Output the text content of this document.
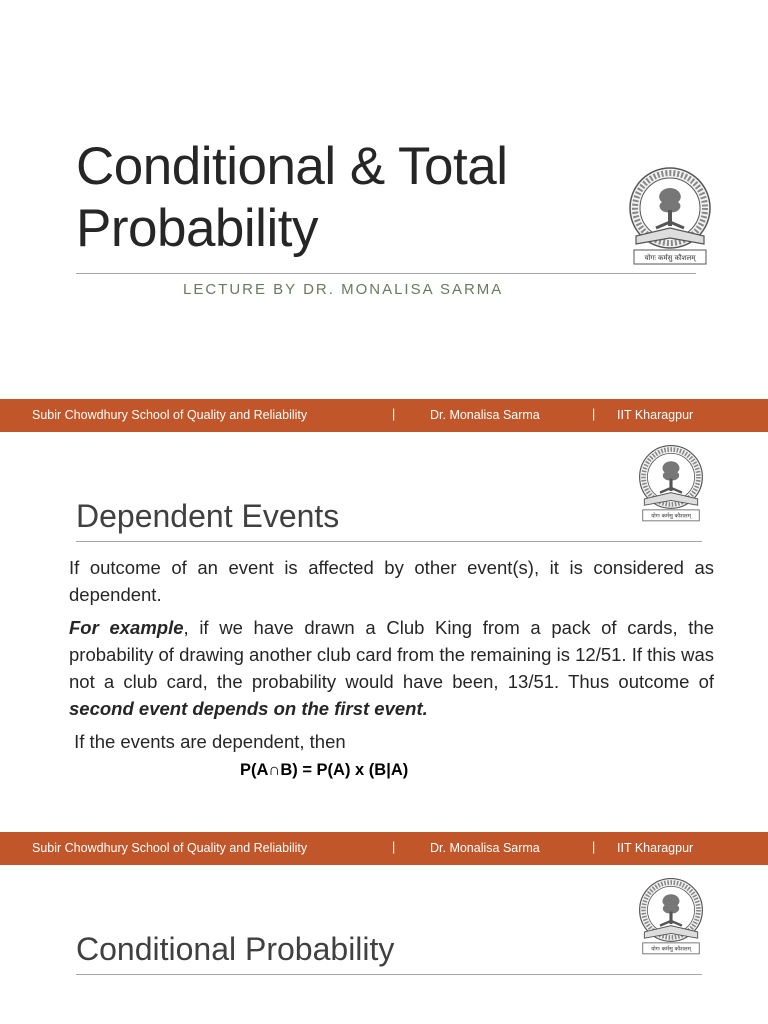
Conditional & Total
Probability
LECTURE BY DR. MONALISA SARMA
योगः कर्मसु कौशलम्
Subir Chowdhury School of Quality and Reliability	|	Dr. Monalisa Sarma	| IIT Kharagpur
Dependent Events	योगः कर्मसु कौशलम्

If outcome of an event is affected by other event(s), it is considered as dependent.

For example, if we have drawn a Club King from a pack of cards, the probability of drawing another club card from the remaining is 12/51. If this was not a club card, the probability would have been, 13/51. Thus outcome of second event depends on the first event.

If the events are dependent, then

P(A∩B) = P(A) x (B|A)
Subir Chowdhury School of Quality and Reliability	|	Dr. Monalisa Sarma	| IIT Kharagpur
Conditional Probability	योगः कर्मसु कौशलम्
